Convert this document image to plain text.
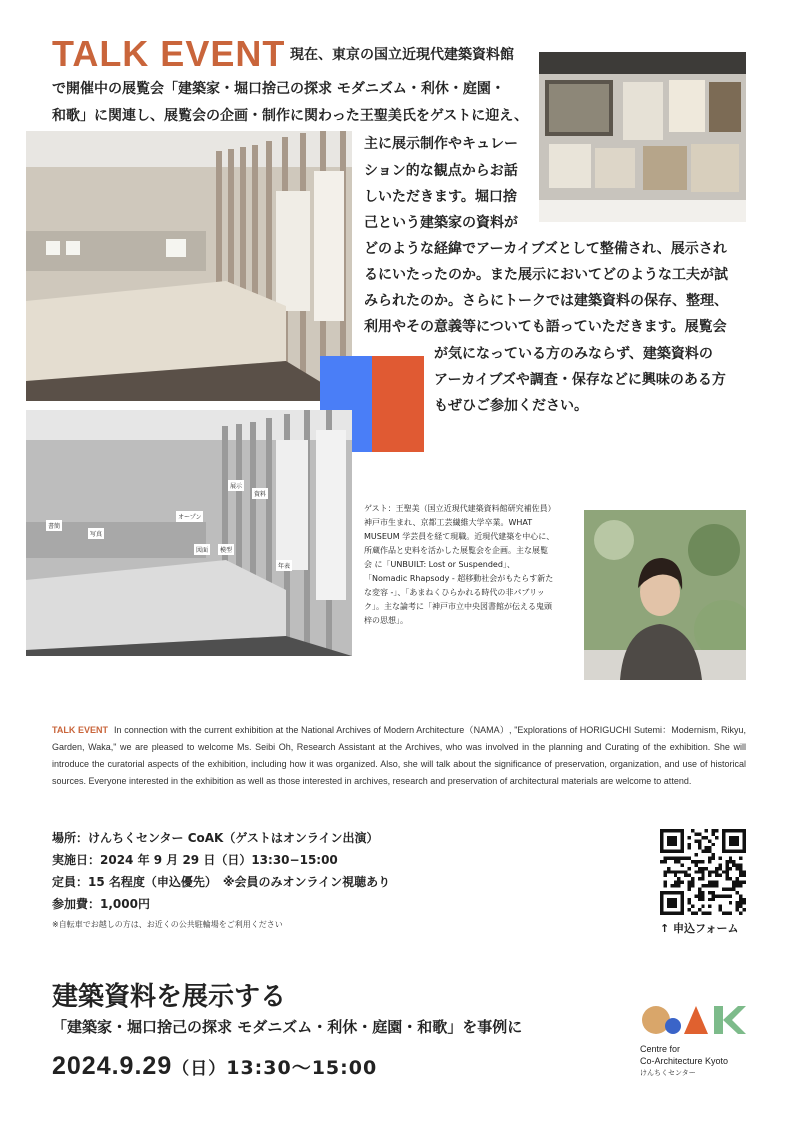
TALK EVENT 現在、東京の国立近現代建築資料館
で開催中の展覧会「建築家・堀口捨己の探求 モダニズム・利休・庭園・
和歌」に関連し、展覧会の企画・制作に関わった王聖美氏をゲストに迎え、
主に展示制作やキュレー
ション的な観点からお話
しいただきます。堀口捨
己という建築家の資料が
どのような経緯でアーカイブズとして整備され、展示され
るにいたったのか。また展示においてどのような工夫が試
みられたのか。さらにトークでは建築資料の保存、整理、
利用やその意義等についても語っていただきます。展覧会
が気になっている方のみならず、建築資料の
アーカイブズや調査・保存などに興味のある方
もぜひご参加ください。
展示
資料
オープン
写真
図面	模型
書簡
年表
ゲスト：王聖美（国立近現代建築資料館研究補佐員）
神戸市生まれ、京都工芸繊維大学卒業。WHAT
MUSEUM 学芸員を経て現職。近現代建築を中心に、
所蔵作品と史料を活かした展覧会を企画。主な展覧
会 に「UNBUILT: Lost or Suspended」、
「Nomadic Rhapsody - 超移動社会がもたらす新た
な変容 -」、「あまねくひらかれる時代の非パブリッ
ク」。主な論考に「神戸市立中央図書館が伝える鬼頭
梓の思想」。
TALK EVENT In connection with the current exhibition at the National Archives of Modern Architecture（NAMA）, "Explorations of HORIGUCHI Sutemi：Modernism, Rikyu, Garden, Waka," we are pleased to welcome Ms. Seibi Oh, Research Assistant at the Archives, who was involved in the planning and Curating of the exhibition. She will introduce the curatorial aspects of the exhibition, including how it was organized. Also, she will talk about the significance of preservation, organization, and use of historical sources. Everyone interested in the exhibition as well as those interested in archives, research and preservation of architectural materials are welcome to attend.
場所：けんちくセンター CoAK（ゲストはオンライン出演）
実施日：2024 年 9 月 29 日（日）13:30−15:00
定員：15 名程度（申込優先）　※会員のみオンライン視聴あり
参加費：1,000円
※自転車でお越しの方は、お近くの公共駐輪場をご利用ください	↑ 申込フォーム
建築資料を展示する
「建築家・堀口捨己の探求 モダニズム・利休・庭園・和歌」を事例に
2024.9.29（日）13:30〜15:00
Centre for
Co-Architecture Kyoto
けんちくセンター
